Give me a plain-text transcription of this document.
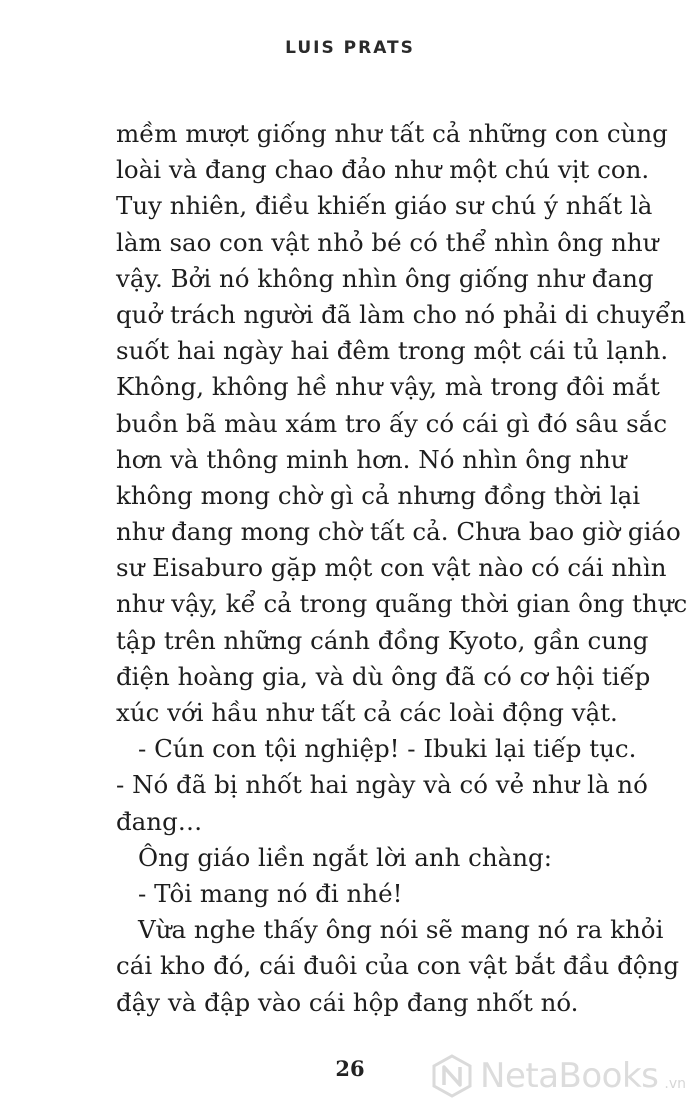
LUIS PRATS
mềm mượt giống như tất cả những con cùng
loài và đang chao đảo như một chú vịt con.
Tuy nhiên, điều khiến giáo sư chú ý nhất là
làm sao con vật nhỏ bé có thể nhìn ông như
vậy. Bởi nó không nhìn ông giống như đang
quở trách người đã làm cho nó phải di chuyển
suốt hai ngày hai đêm trong một cái tủ lạnh.
Không, không hề như vậy, mà trong đôi mắt
buồn bã màu xám tro ấy có cái gì đó sâu sắc
hơn và thông minh hơn. Nó nhìn ông như
không mong chờ gì cả nhưng đồng thời lại
như đang mong chờ tất cả. Chưa bao giờ giáo
sư Eisaburo gặp một con vật nào có cái nhìn
như vậy, kể cả trong quãng thời gian ông thực
tập trên những cánh đồng Kyoto, gần cung
điện hoàng gia, và dù ông đã có cơ hội tiếp
xúc với hầu như tất cả các loài động vật.
- Cún con tội nghiệp! - Ibuki lại tiếp tục.
- Nó đã bị nhốt hai ngày và có vẻ như là nó
đang…
Ông giáo liền ngắt lời anh chàng:
- Tôi mang nó đi nhé!
Vừa nghe thấy ông nói sẽ mang nó ra khỏi
cái kho đó, cái đuôi của con vật bắt đầu động
đậy và đập vào cái hộp đang nhốt nó.
26	NetaBooks .vn
